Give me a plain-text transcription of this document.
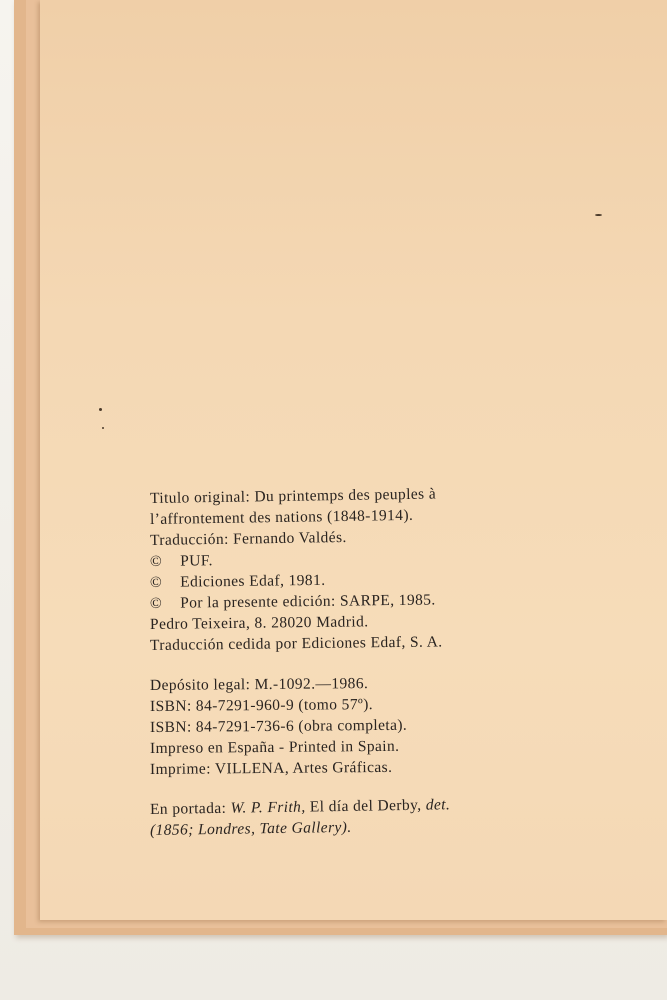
Titulo original: Du printemps des peuples à
l’affrontement des nations (1848-1914).
Traducción: Fernando Valdés.
© PUF.
© Ediciones Edaf, 1981.
© Por la presente edición: SARPE, 1985.
Pedro Teixeira, 8. 28020 Madrid.
Traducción cedida por Ediciones Edaf, S. A.
Depósito legal: M.-1092.—1986.
ISBN: 84-7291-960-9 (tomo 57º).
ISBN: 84-7291-736-6 (obra completa).
Impreso en España - Printed in Spain.
Imprime: VILLENA, Artes Gráficas.
En portada: W. P. Frith, El día del Derby, det.
(1856; Londres, Tate Gallery).
